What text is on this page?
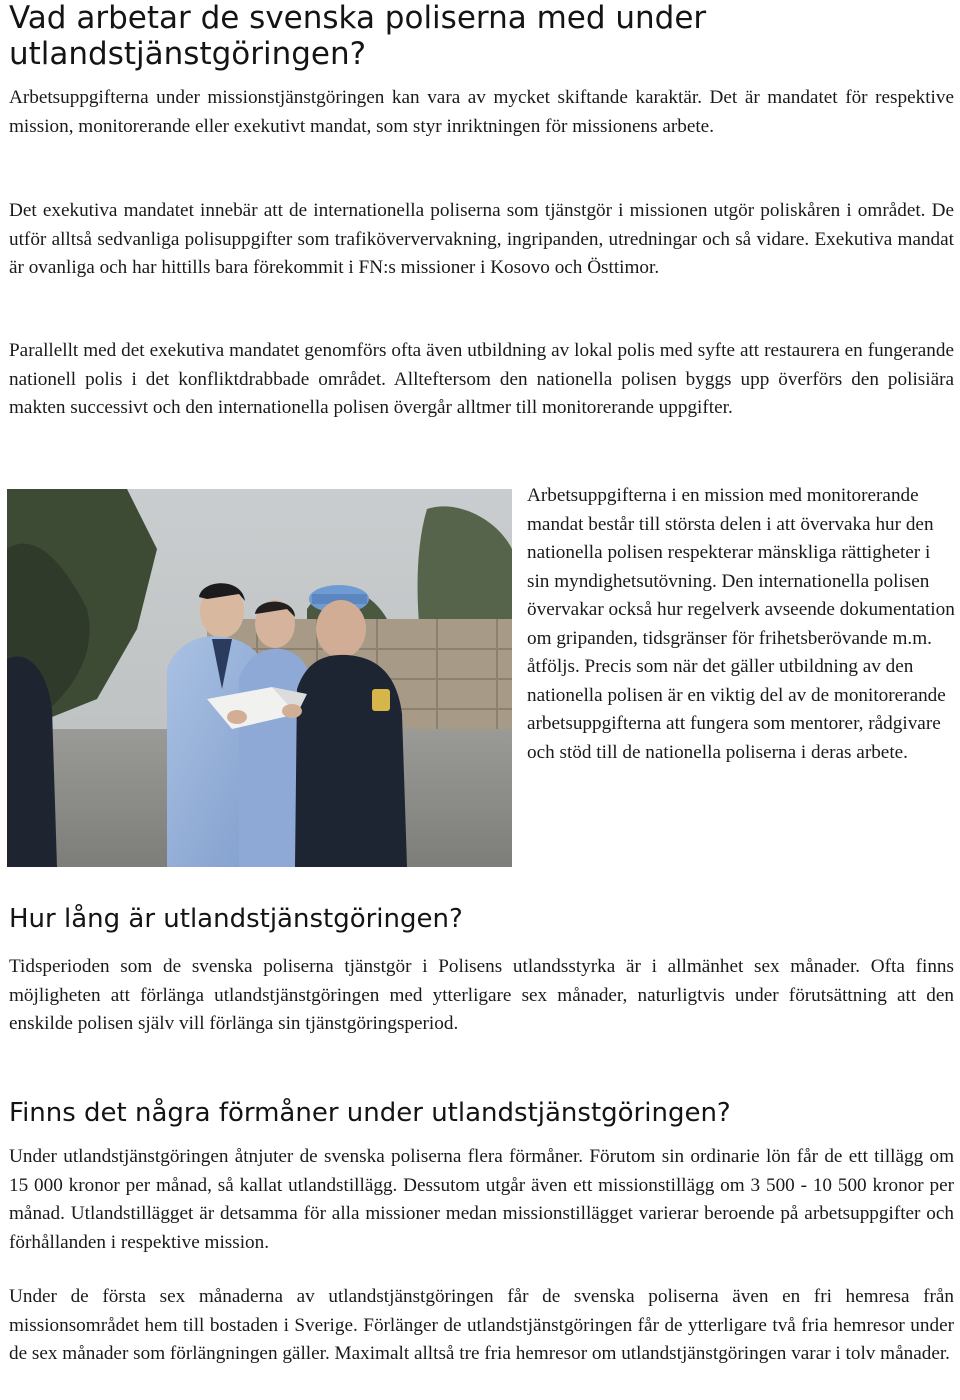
Vad arbetar de svenska poliserna med under utlandstjänstgöringen?

Arbetsuppgifterna under missionstjänstgöringen kan vara av mycket skiftande karaktär. Det är mandatet för respektive mission, monitorerande eller exekutivt mandat, som styr inriktningen för missionens arbete.

Det exekutiva mandatet innebär att de internationella poliserna som tjänstgör i missionen utgör poliskåren i området. De utför alltså sedvanliga polisuppgifter som trafiköververvakning, ingripanden, utredningar och så vidare. Exekutiva mandat är ovanliga och har hittills bara förekommit i FN:s missioner i Kosovo och Östtimor.

Parallellt med det exekutiva mandatet genomförs ofta även utbildning av lokal polis med syfte att restaurera en fungerande nationell polis i det konfliktdrabbade området. Allteftersom den nationella polisen byggs upp överförs den polisiära makten successivt och den internationella polisen övergår alltmer till monitorerande uppgifter.

Arbetsuppgifterna i en mission med monitorerande mandat består till största delen i att övervaka hur den nationella polisen respekterar mänskliga rättigheter i sin myndighetsutövning. Den internationella polisen övervakar också hur regelverk avseende dokumentation om gripanden, tidsgränser för frihetsberövande m.m. åtföljs. Precis som när det gäller utbildning av den nationella polisen är en viktig del av de monitorerande arbetsuppgifterna att fungera som mentorer, rådgivare och stöd till de nationella poliserna i deras arbete.

Hur lång är utlandstjänstgöringen?

Tidsperioden som de svenska poliserna tjänstgör i Polisens utlandsstyrka är i allmänhet sex månader. Ofta finns möjligheten att förlänga utlandstjänstgöringen med ytterligare sex månader, naturligtvis under förutsättning att den enskilde polisen själv vill förlänga sin tjänstgöringsperiod.

Finns det några förmåner under utlandstjänstgöringen?

Under utlandstjänstgöringen åtnjuter de svenska poliserna flera förmåner. Förutom sin ordinarie lön får de ett tillägg om 15 000 kronor per månad, så kallat utlandstillägg. Dessutom utgår även ett missionstillägg om 3 500 - 10 500 kronor per månad. Utlandstillägget är detsamma för alla missioner medan missionstillägget varierar beroende på arbetsuppgifter och förhållanden i respektive mission.

Under de första sex månaderna av utlandstjänstgöringen får de svenska poliserna även en fri hemresa från missionsområdet hem till bostaden i Sverige. Förlänger de utlandstjänstgöringen får de ytterligare två fria hemresor under de sex månader som förlängningen gäller. Maximalt alltså tre fria hemresor om utlandstjänstgöringen varar i tolv månader.
